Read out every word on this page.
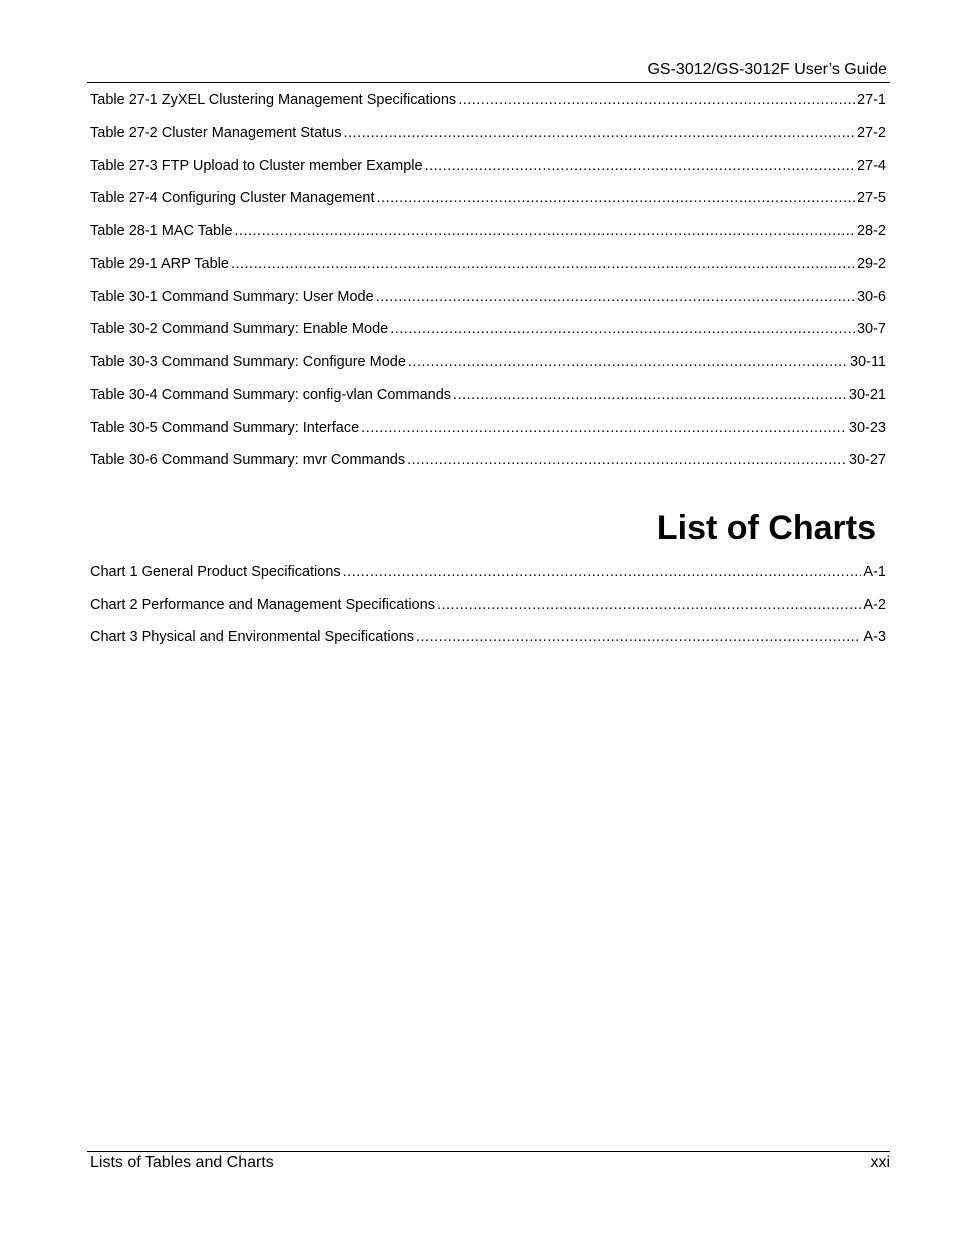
GS-3012/GS-3012F User’s Guide
Table 27-1 ZyXEL Clustering Management Specifications .....	27-1
Table 27-2 Cluster Management Status .....	27-2
Table 27-3 FTP Upload to Cluster member Example .....	27-4
Table 27-4 Configuring Cluster Management .....	27-5
Table 28-1 MAC Table .....	28-2
Table 29-1 ARP Table .....	29-2
Table 30-1 Command Summary: User Mode .....	30-6
Table 30-2 Command Summary: Enable Mode .....	30-7
Table 30-3 Command Summary: Configure Mode .....	30-11
Table 30-4 Command Summary: config-vlan Commands .....	30-21
Table 30-5 Command Summary: Interface .....	30-23
Table 30-6 Command Summary: mvr Commands .....	30-27
List of Charts
Chart 1 General Product Specifications .....	A-1
Chart 2 Performance and Management Specifications .....	A-2
Chart 3 Physical and Environmental Specifications .....	A-3
Lists of Tables and Charts	xxi
